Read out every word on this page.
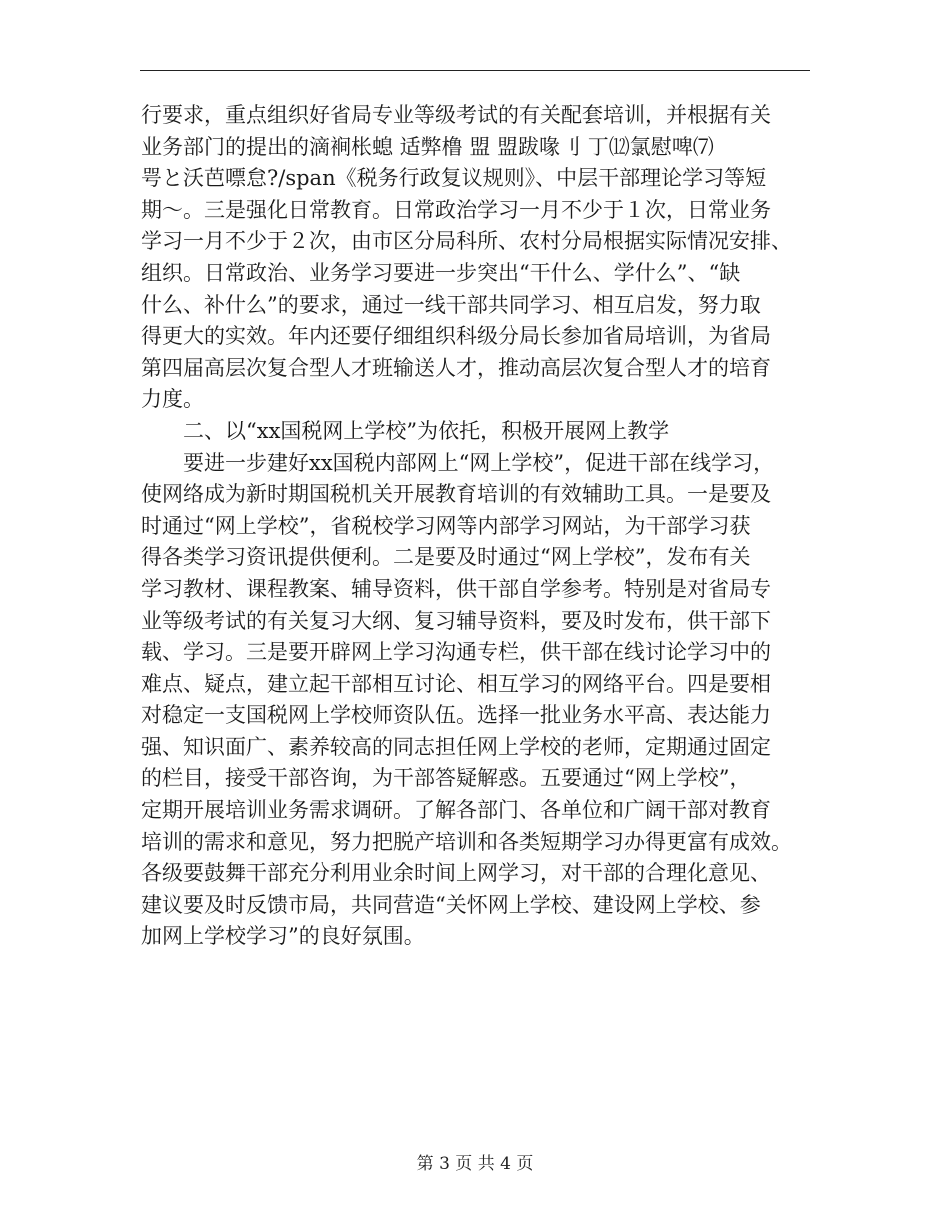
行要求，重点组织好省局专业等级考试的有关配套培训，并根据有关
业务部门的提出的滴裥枨螅 适弊橹 盟 盟跋喙刂 丁⑿氯慰啤⑺
咢と沃芭嘌怠?/span《税务行政复议规则》、中层干部理论学习等短
期～。三是强化日常教育。日常政治学习一月不少于１次，日常业务
学习一月不少于２次，由市区分局科所、农村分局根据实际情况安排、
组织。日常政治、业务学习要进一步突出“干什么、学什么”、“缺
什么、补什么”的要求，通过一线干部共同学习、相互启发，努力取
得更大的实效。年内还要仔细组织科级分局长参加省局培训，为省局
第四届高层次复合型人才班输送人才，推动高层次复合型人才的培育
力度。
二、以“xx国税网上学校”为依托，积极开展网上教学
要进一步建好xx国税内部网上“网上学校”，促进干部在线学习，
使网络成为新时期国税机关开展教育培训的有效辅助工具。一是要及
时通过“网上学校”，省税校学习网等内部学习网站，为干部学习获
得各类学习资讯提供便利。二是要及时通过“网上学校”，发布有关
学习教材、课程教案、辅导资料，供干部自学参考。特别是对省局专
业等级考试的有关复习大纲、复习辅导资料，要及时发布，供干部下
载、学习。三是要开辟网上学习沟通专栏，供干部在线讨论学习中的
难点、疑点，建立起干部相互讨论、相互学习的网络平台。四是要相
对稳定一支国税网上学校师资队伍。选择一批业务水平高、表达能力
强、知识面广、素养较高的同志担任网上学校的老师，定期通过固定
的栏目，接受干部咨询，为干部答疑解惑。五要通过“网上学校”，
定期开展培训业务需求调研。了解各部门、各单位和广阔干部对教育
培训的需求和意见，努力把脱产培训和各类短期学习办得更富有成效。
各级要鼓舞干部充分利用业余时间上网学习，对干部的合理化意见、
建议要及时反馈市局，共同营造“关怀网上学校、建设网上学校、参
加网上学校学习”的良好氛围。
第 3 页 共 4 页
